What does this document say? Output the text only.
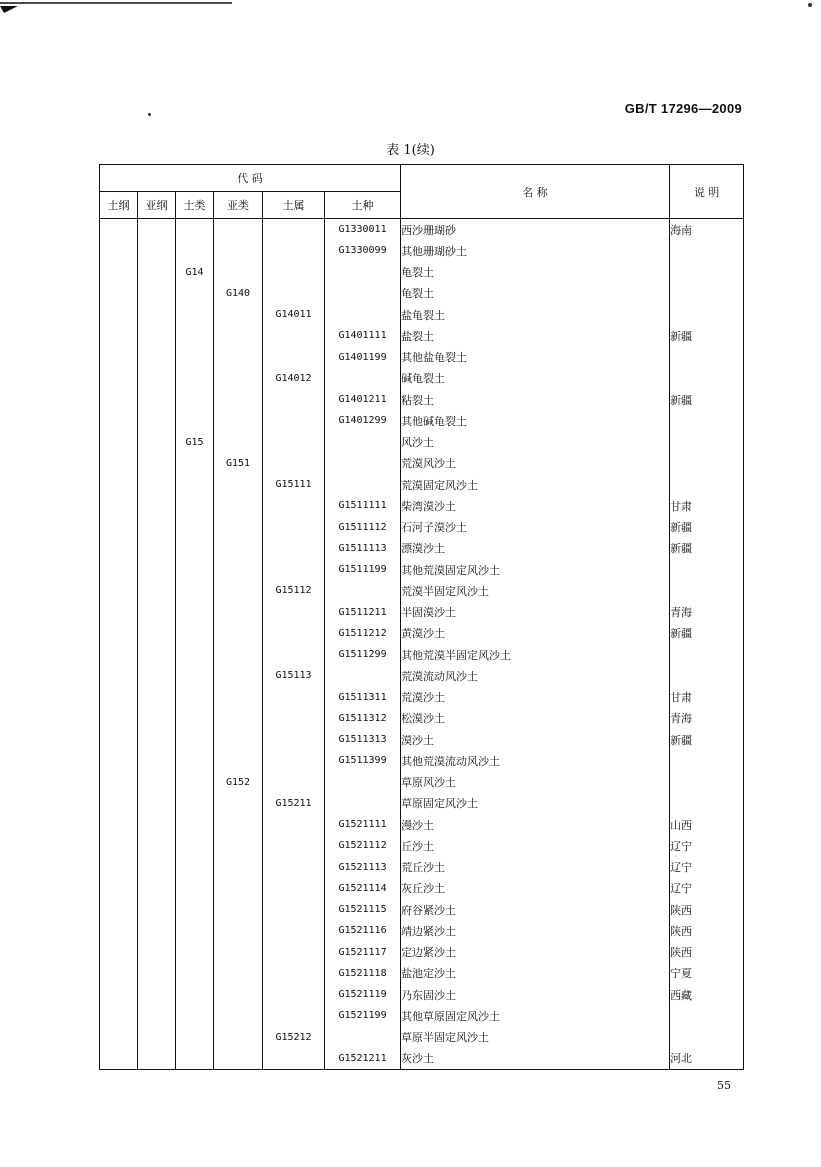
GB/T 17296—2009
表 1(续)
代 码						名 称	说 明
土纲	亚纲	土类	亚类	土属	土种		
					G1330011	西沙珊瑚砂	海南
					G1330099	其他珊瑚砂土	
		G14				龟裂土	
			G140			龟裂土	
				G14011		盐龟裂土	
					G1401111	盐裂土	新疆
					G1401199	其他盐龟裂土	
				G14012		碱龟裂土	
					G1401211	粘裂土	新疆
					G1401299	其他碱龟裂土	
		G15				风沙土	
			G151			荒漠风沙土	
				G15111		荒漠固定风沙土	
					G1511111	柴湾漠沙土	甘肃
					G1511112	石河子漠沙土	新疆
					G1511113	漂漠沙土	新疆
					G1511199	其他荒漠固定风沙土	
				G15112		荒漠半固定风沙土	
					G1511211	半固漠沙土	青海
					G1511212	黄漠沙土	新疆
					G1511299	其他荒漠半固定风沙土	
				G15113		荒漠流动风沙土	
					G1511311	荒漠沙土	甘肃
					G1511312	松漠沙土	青海
					G1511313	漠沙土	新疆
					G1511399	其他荒漠流动风沙土	
			G152			草原风沙土	
				G15211		草原固定风沙土	
					G1521111	漫沙土	山西
					G1521112	丘沙土	辽宁
					G1521113	荒丘沙土	辽宁
					G1521114	灰丘沙土	辽宁
					G1521115	府谷紧沙土	陕西
					G1521116	靖边紧沙土	陕西
					G1521117	定边紧沙土	陕西
					G1521118	盐池定沙土	宁夏
					G1521119	乃东固沙土	西藏
					G1521199	其他草原固定风沙土	
				G15212		草原半固定风沙土	
					G1521211	灰沙土	河北
55
